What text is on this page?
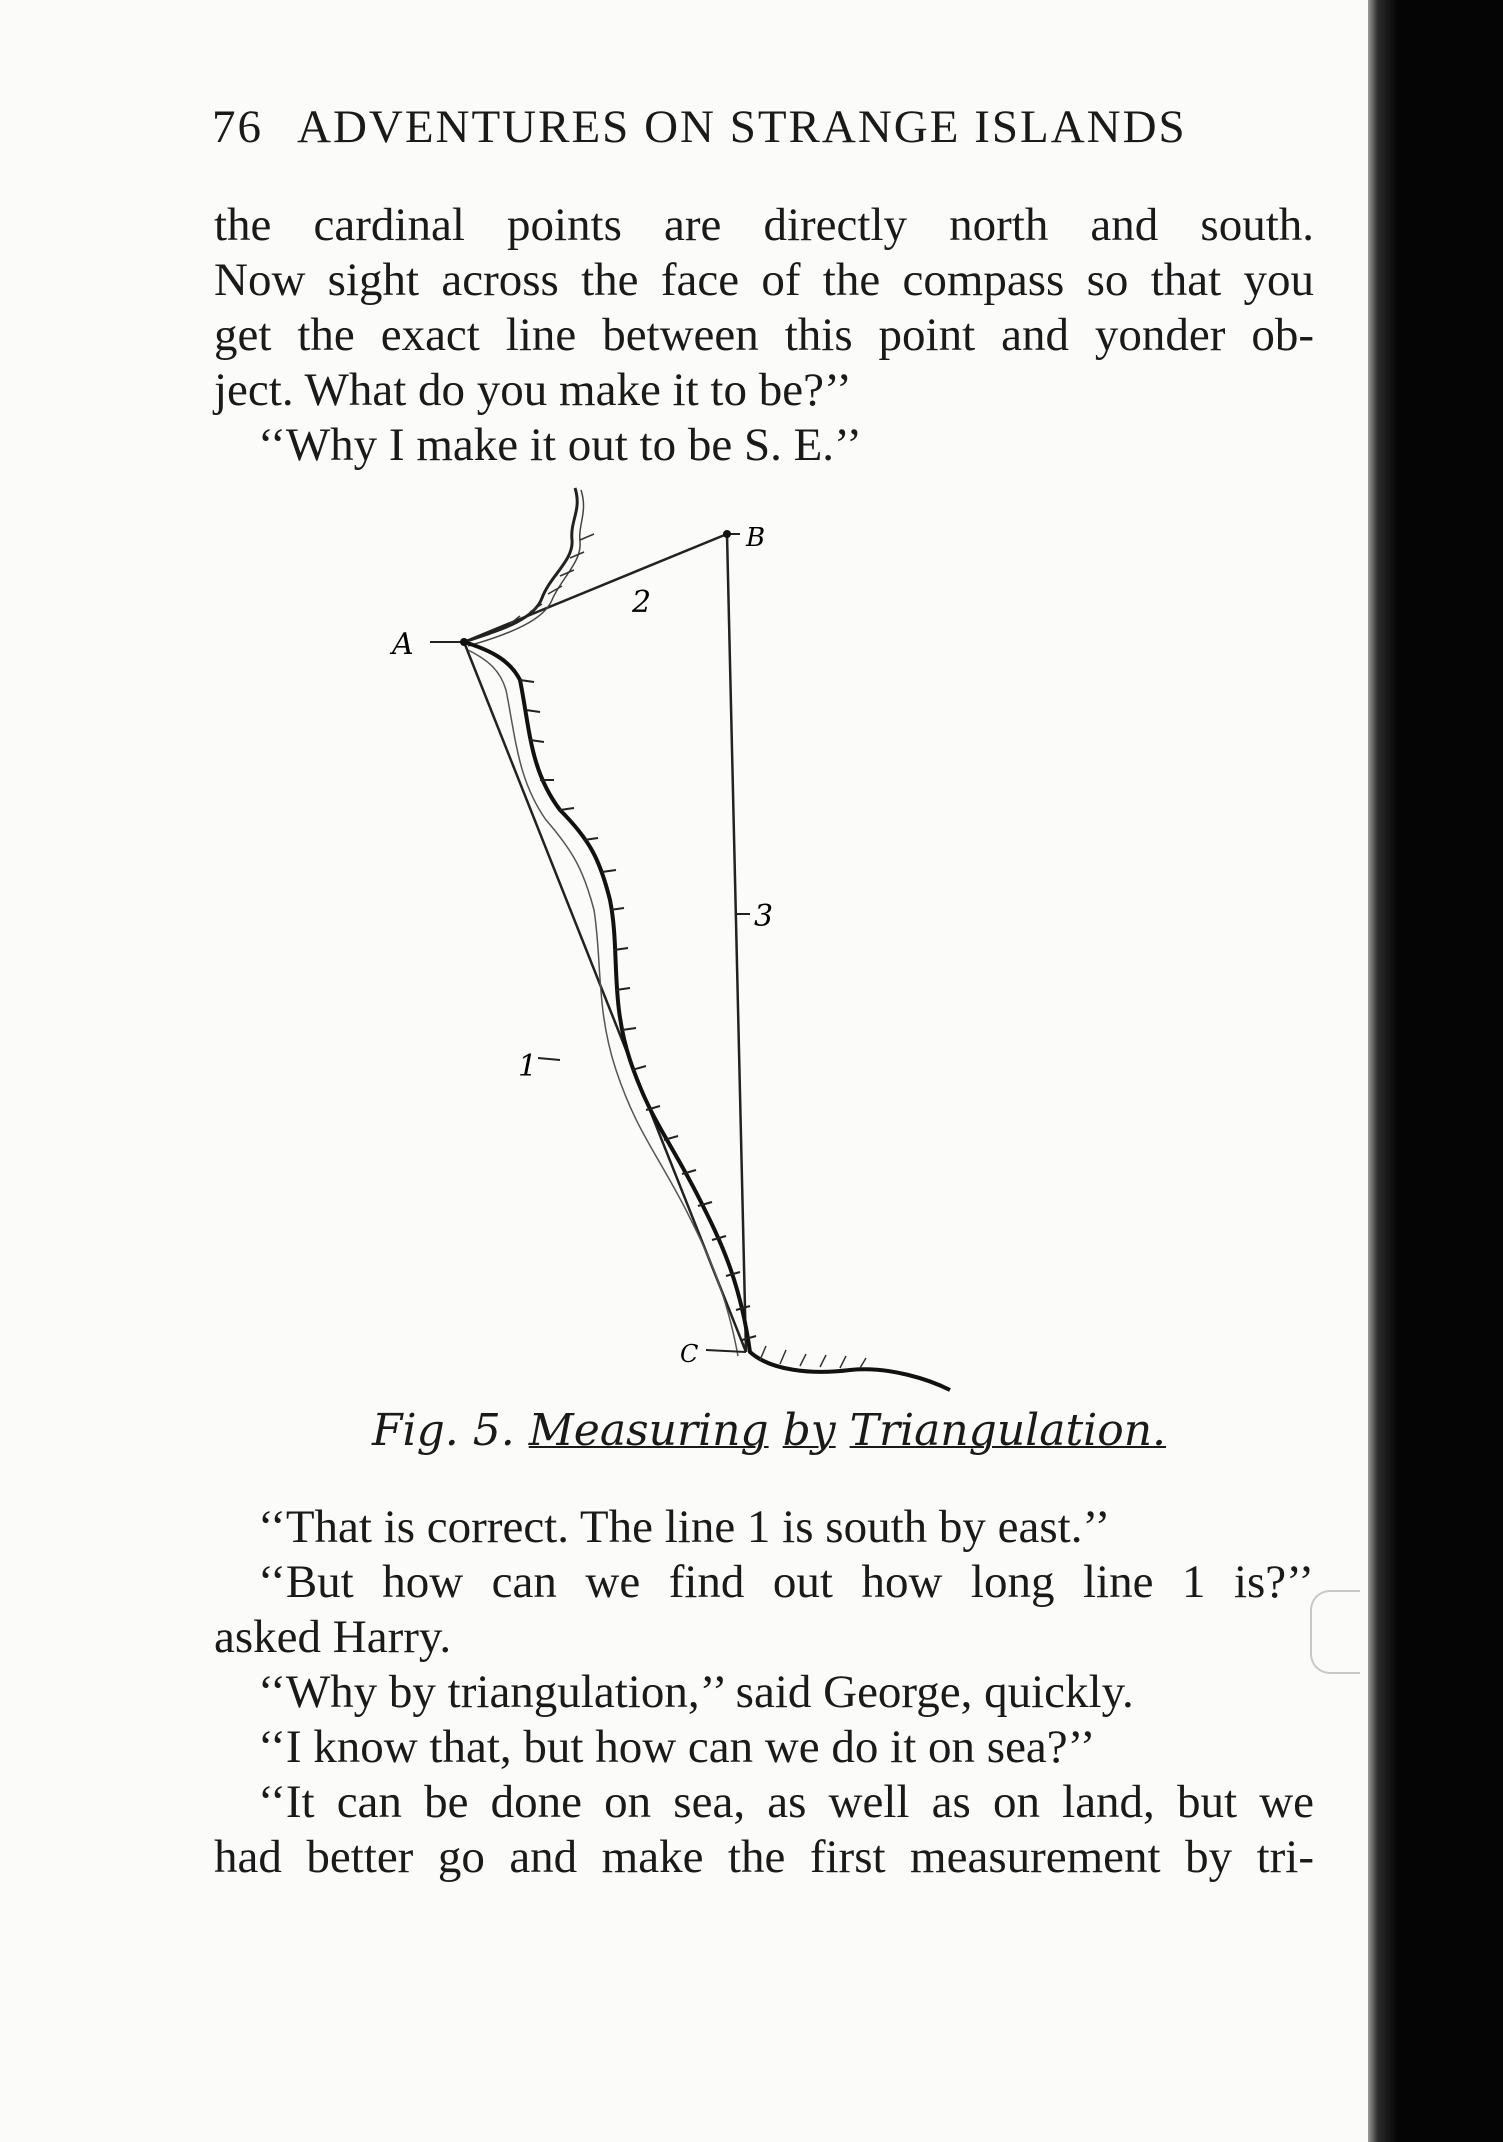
76 ADVENTURES ON STRANGE ISLANDS
the cardinal points are directly north and south.
Now sight across the face of the compass so that you
get the exact line between this point and yonder ob-
ject. What do you make it to be?’’
‘‘Why I make it out to be S. E.’’
A
B
2
3
1
C
Fig. 5. Measuring by Triangulation.
‘‘That is correct. The line 1 is south by east.’’
‘‘But how can we find out how long line 1 is?’’
asked Harry.
‘‘Why by triangulation,’’ said George, quickly.
‘‘I know that, but how can we do it on sea?’’
‘‘It can be done on sea, as well as on land, but we
had better go and make the first measurement by tri-
